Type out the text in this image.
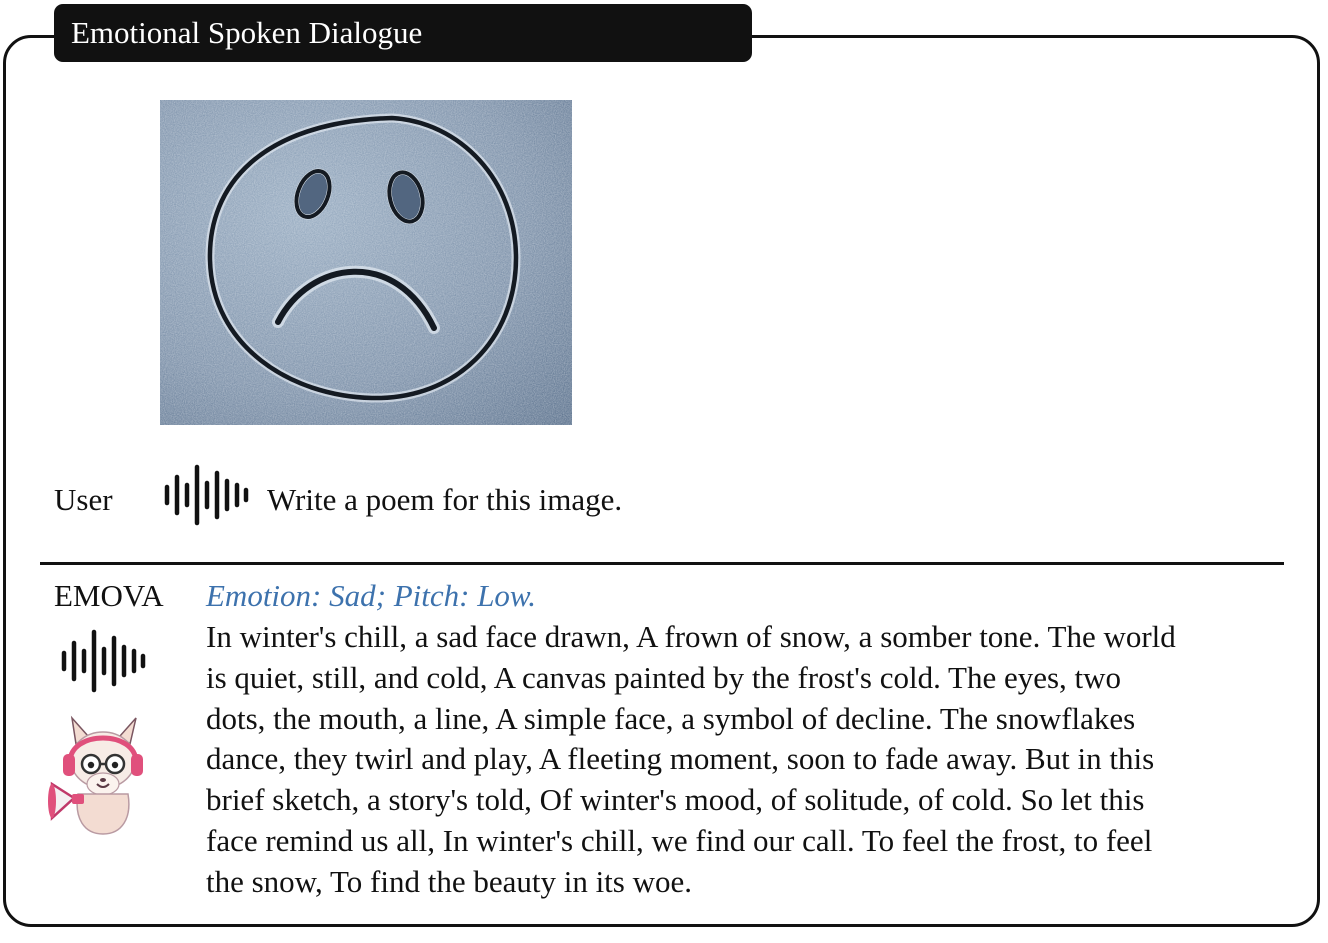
Emotional Spoken Dialogue
User	Write a poem for this image.
EMOVA Emotion: Sad; Pitch: Low.
In winter's chill, a sad face drawn, A frown of snow, a somber tone. The world
is quiet, still, and cold, A canvas painted by the frost's cold. The eyes, two
dots, the mouth, a line, A simple face, a symbol of decline. The snowflakes
dance, they twirl and play, A fleeting moment, soon to fade away. But in this
brief sketch, a story's told, Of winter's mood, of solitude, of cold. So let this
face remind us all, In winter's chill, we find our call. To feel the frost, to feel
the snow, To find the beauty in its woe.
